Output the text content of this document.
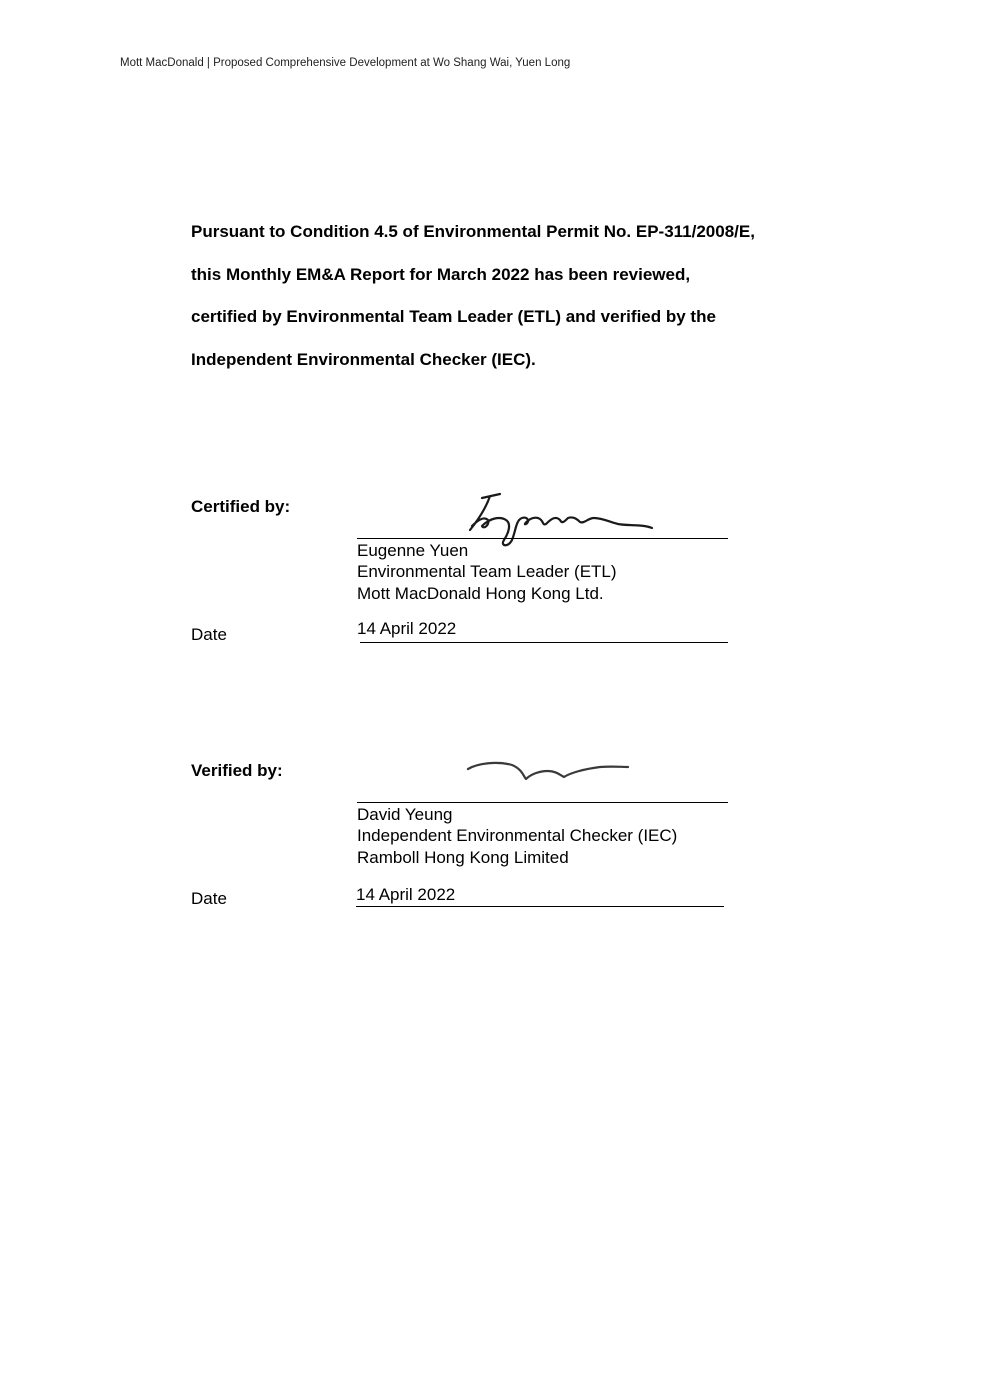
Mott MacDonald | Proposed Comprehensive Development at Wo Shang Wai, Yuen Long

Pursuant to Condition 4.5 of Environmental Permit No. EP-311/2008/E,

this Monthly EM&A Report for March 2022 has been reviewed,

certified by Environmental Team Leader (ETL) and verified by the

Independent Environmental Checker (IEC).

Certified by:
Eugenne Yuen
Environmental Team Leader (ETL)
Mott MacDonald Hong Kong Ltd.
Date	14 April 2022
Verified by:
David Yeung
Independent Environmental Checker (IEC)
Ramboll Hong Kong Limited
Date	14 April 2022
